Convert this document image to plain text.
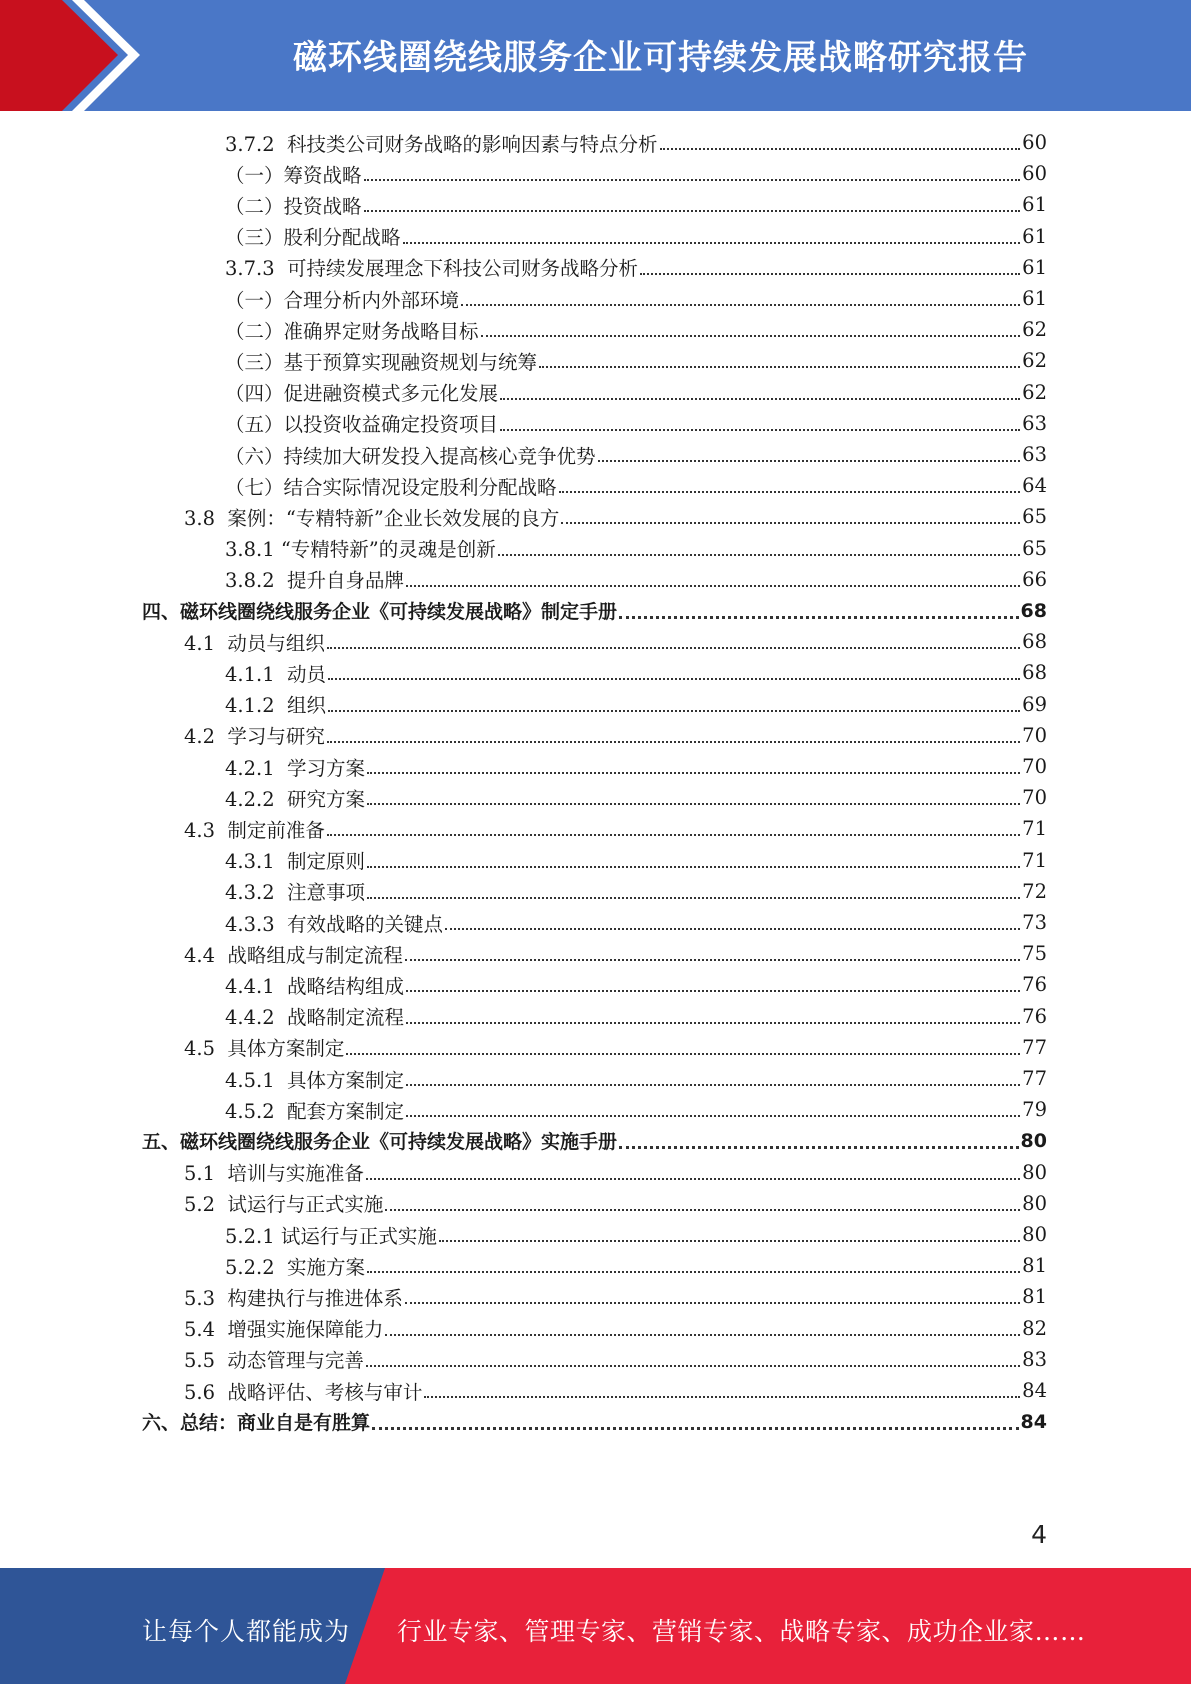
磁环线圈绕线服务企业可持续发展战略研究报告
3.7.2  科技类公司财务战略的影响因素与特点分析	60
（一）筹资战略	60
（二）投资战略	61
（三）股利分配战略	61
3.7.3  可持续发展理念下科技公司财务战略分析	61
（一）合理分析内外部环境	61
（二）准确界定财务战略目标	62
（三）基于预算实现融资规划与统筹	62
（四）促进融资模式多元化发展	62
（五）以投资收益确定投资项目	63
（六）持续加大研发投入提高核心竞争优势	63
（七）结合实际情况设定股利分配战略	64
3.8  案例：“专精特新”企业长效发展的良方	65
3.8.1 “专精特新”的灵魂是创新	65
3.8.2  提升自身品牌	66
四、磁环线圈绕线服务企业《可持续发展战略》制定手册	68
4.1  动员与组织	68
4.1.1  动员	68
4.1.2  组织	69
4.2  学习与研究	70
4.2.1  学习方案	70
4.2.2  研究方案	70
4.3  制定前准备	71
4.3.1  制定原则	71
4.3.2  注意事项	72
4.3.3  有效战略的关键点	73
4.4  战略组成与制定流程	75
4.4.1  战略结构组成	76
4.4.2  战略制定流程	76
4.5  具体方案制定	77
4.5.1  具体方案制定	77
4.5.2  配套方案制定	79
五、磁环线圈绕线服务企业《可持续发展战略》实施手册	80
5.1  培训与实施准备	80
5.2  试运行与正式实施	80
5.2.1 试运行与正式实施	80
5.2.2  实施方案	81
5.3  构建执行与推进体系	81
5.4  增强实施保障能力	82
5.5  动态管理与完善	83
5.6  战略评估、考核与审计	84
六、总结：商业自是有胜算	84
4
让每个人都能成为 行业专家、管理专家、营销专家、战略专家、成功企业家……
